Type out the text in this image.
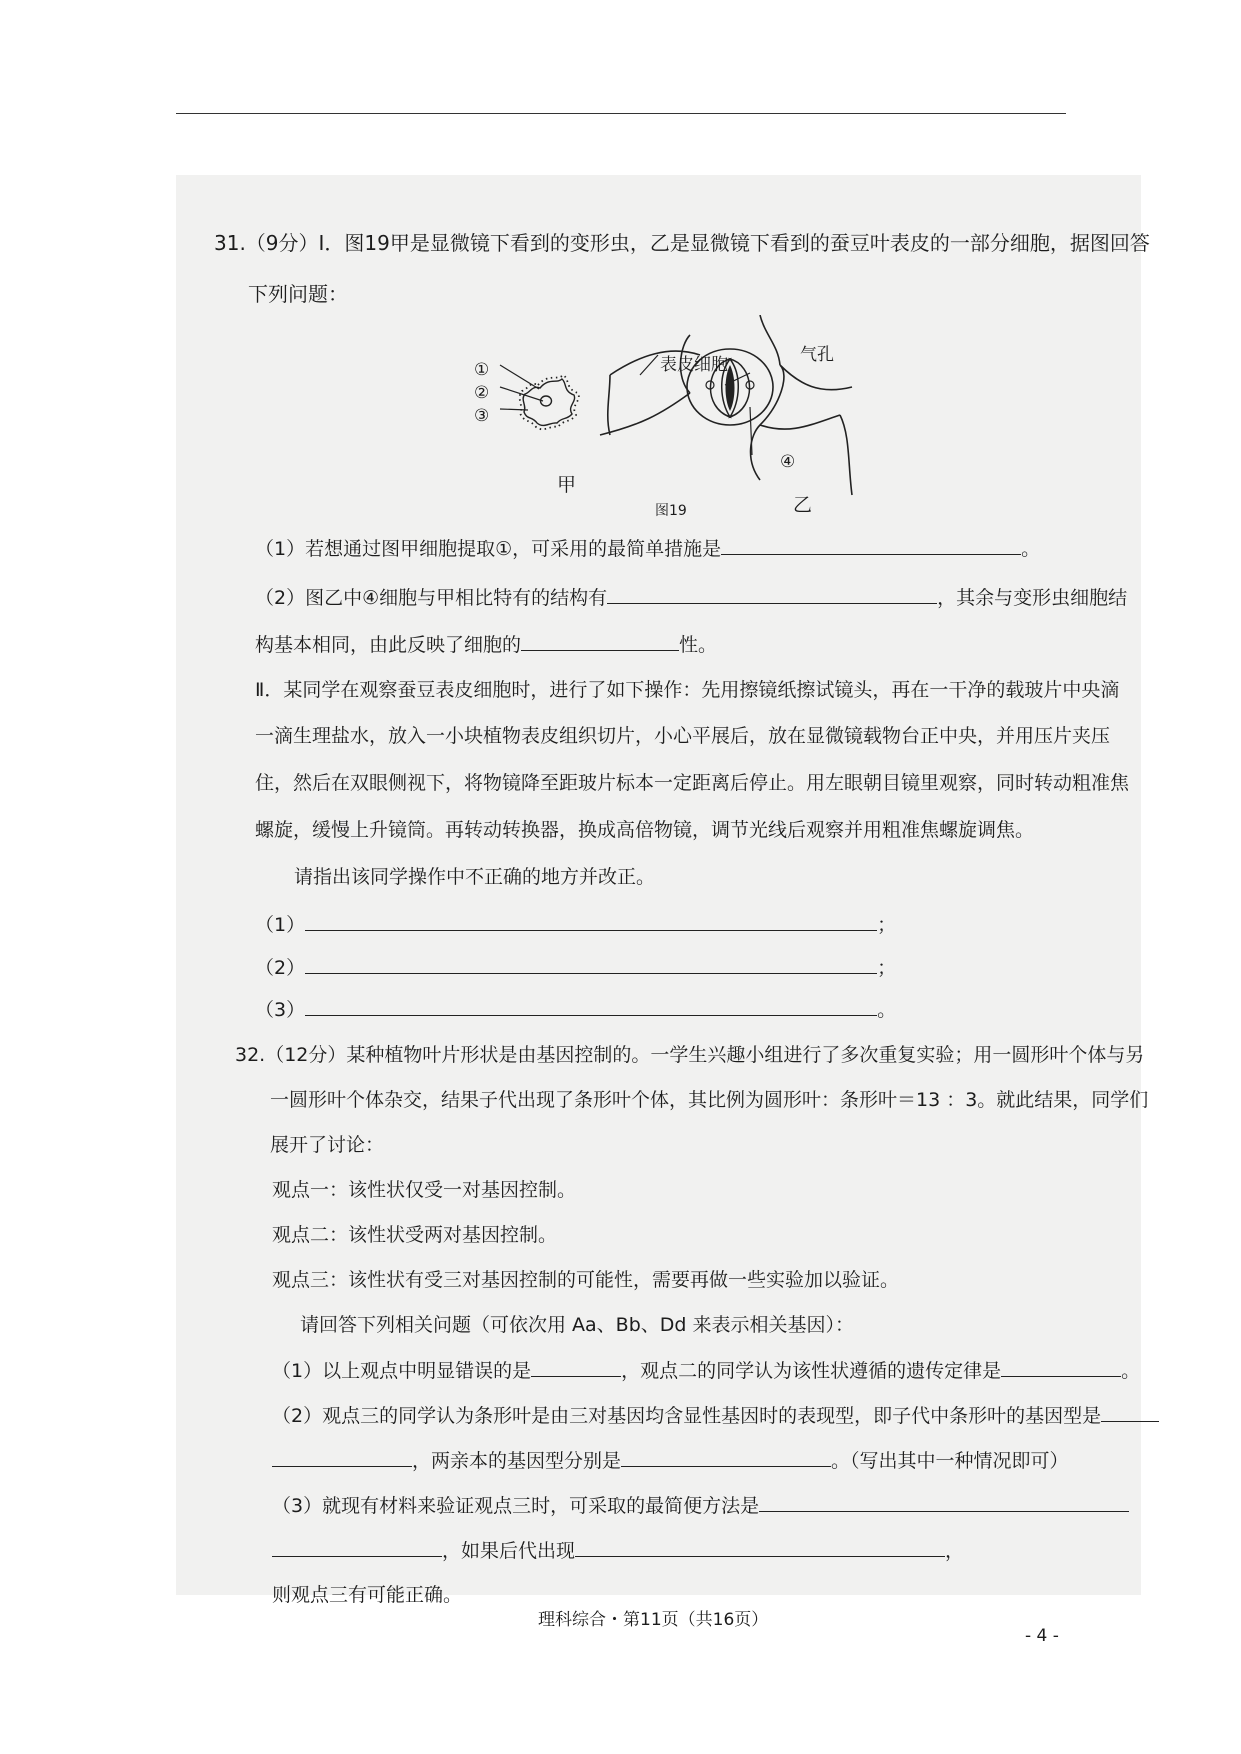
31.（9分）Ⅰ．图19甲是显微镜下看到的变形虫，乙是显微镜下看到的蚕豆叶表皮的一部分细胞，据图回答
下列问题：
①
②
③
甲
乙
表皮细胞	气孔
④
图19
（1）若想通过图甲细胞提取①，可采用的最简单措施是	。
（2）图乙中④细胞与甲相比特有的结构有	，其余与变形虫细胞结
构基本相同，由此反映了细胞的	性。
Ⅱ．某同学在观察蚕豆表皮细胞时，进行了如下操作：先用擦镜纸擦试镜头，再在一干净的载玻片中央滴
一滴生理盐水，放入一小块植物表皮组织切片，小心平展后，放在显微镜载物台正中央，并用压片夹压
住，然后在双眼侧视下，将物镜降至距玻片标本一定距离后停止。用左眼朝目镜里观察，同时转动粗准焦
螺旋，缓慢上升镜筒。再转动转换器，换成高倍物镜，调节光线后观察并用粗准焦螺旋调焦。
请指出该同学操作中不正确的地方并改正。
（1）	；
（2）	；
（3）	。
32.（12分）某种植物叶片形状是由基因控制的。一学生兴趣小组进行了多次重复实验；用一圆形叶个体与另
一圆形叶个体杂交，结果子代出现了条形叶个体，其比例为圆形叶：条形叶＝13 ：3。就此结果，同学们
展开了讨论：
观点一：该性状仅受一对基因控制。
观点二：该性状受两对基因控制。
观点三：该性状有受三对基因控制的可能性，需要再做一些实验加以验证。
请回答下列相关问题（可依次用 Aa、Bb、Dd 来表示相关基因）：
（1）以上观点中明显错误的是	，观点二的同学认为该性状遵循的遗传定律是	。
（2）观点三的同学认为条形叶是由三对基因均含显性基因时的表现型，即子代中条形叶的基因型是
，两亲本的基因型分别是	。（写出其中一种情况即可）
（3）就现有材料来验证观点三时，可采取的最简便方法是
，如果后代出现	，
则观点三有可能正确。
理科综合・第11页（共16页）
- 4 -
